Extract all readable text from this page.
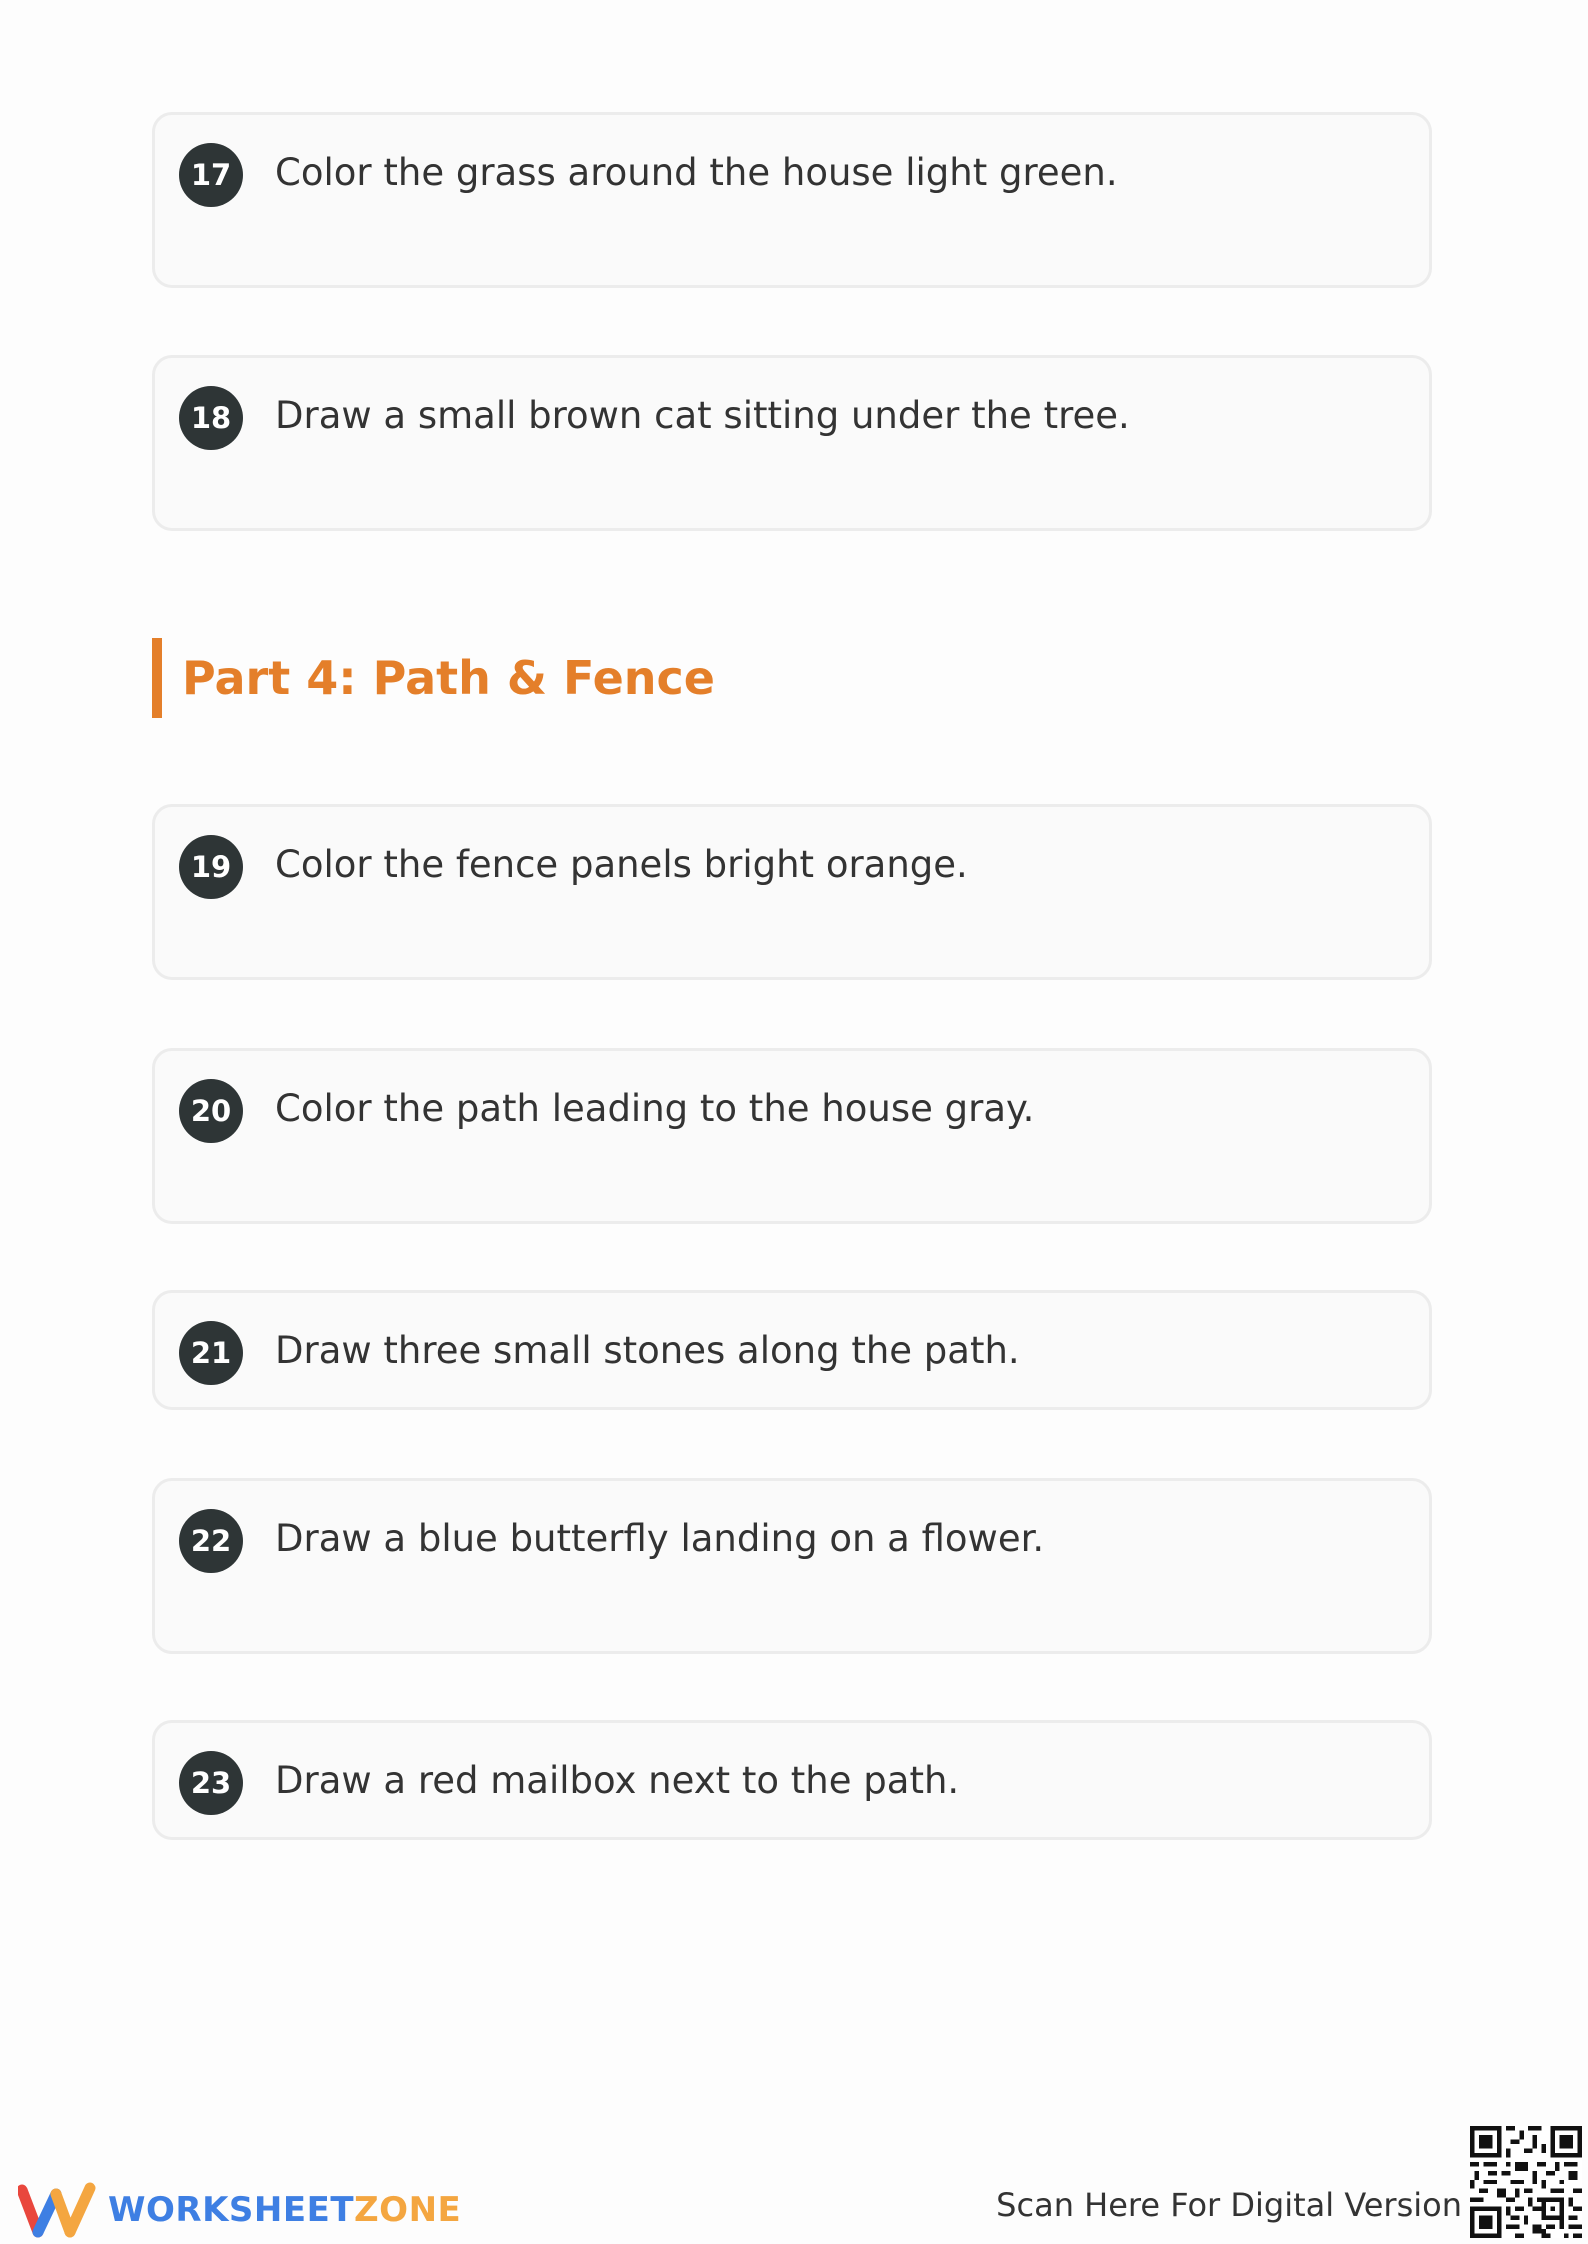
17	Color the grass around the house light green.
18	Draw a small brown cat sitting under the tree.
Part 4: Path & Fence
19	Color the fence panels bright orange.
20	Color the path leading to the house gray.
21	Draw three small stones along the path.
22	Draw a blue butterfly landing on a flower.
23	Draw a red mailbox next to the path.
WORKSHEETZONE	Scan Here For Digital Version
